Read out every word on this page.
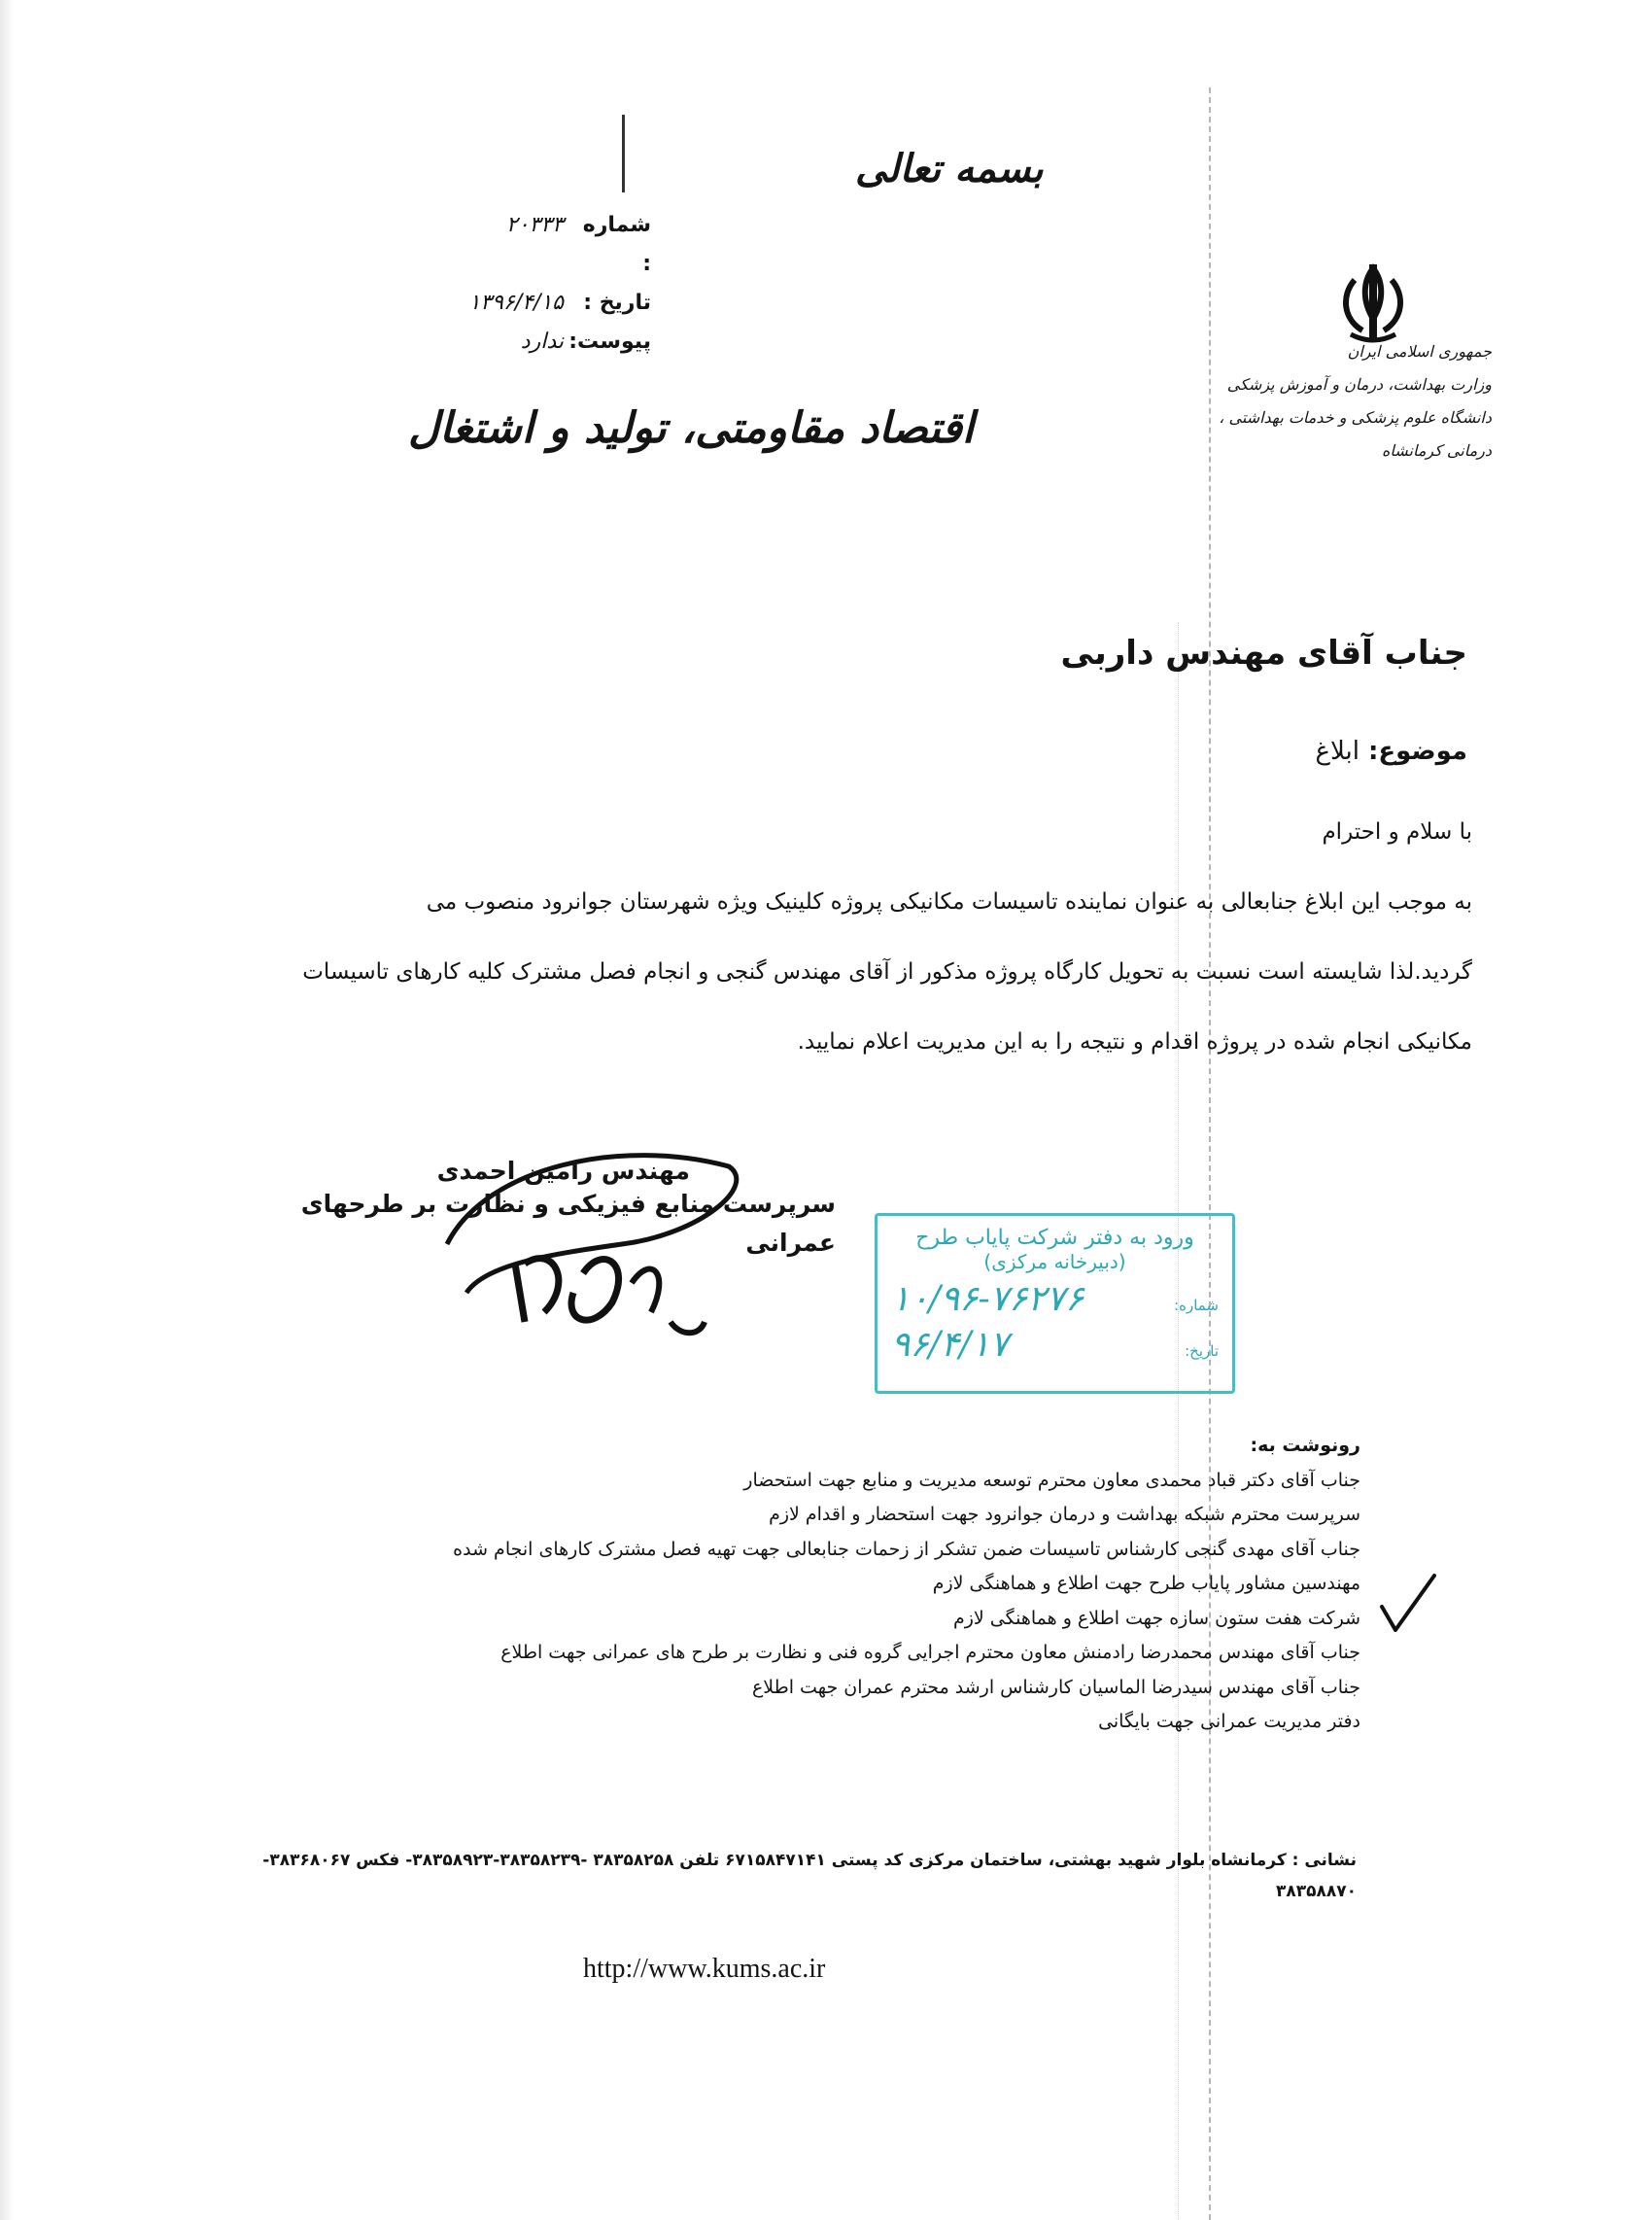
بسمه تعالی
شماره :
۲۰۳۳۳
تاریخ :
۱۳۹۶/۴/۱۵
پیوست:
ندارد	جمهوری اسلامی ایران
وزارت بهداشت، درمان و آموزش پزشکی
دانشگاه علوم پزشکی و خدمات بهداشتی ، درمانی کرمانشاه
اقتصاد مقاومتی، تولید و اشتغال
جناب آقای مهندس داربی
موضوع: ابلاغ
با سلام و احترام
به موجب این ابلاغ جنابعالی به عنوان نماینده تاسیسات مکانیکی پروژه کلینیک ویژه شهرستان جوانرود منصوب می
گردید.لذا شایسته است نسبت به تحویل کارگاه پروژه مذکور از آقای مهندس گنجی و انجام فصل مشترک کلیه کارهای تاسیسات
مکانیکی انجام شده در پروژه اقدام و نتیجه را به این مدیریت اعلام نمایید.
مهندس رامین احمدی
سرپرست منابع فیزیکی و نظارت بر طرحهای عمرانی	ورود به دفتر شرکت پایاب طرح
(دبیرخانه مرکزی)
شماره:
۱۰/۹۶-۷۶۲۷۶
تاریخ:
۹۶/۴/۱۷
رونوشت به:
جناب آقای دکتر قباد محمدی معاون محترم توسعه مدیریت و منابع جهت استحضار
سرپرست محترم شبکه بهداشت و درمان جوانرود جهت استحضار و اقدام لازم
جناب آقای مهدی گنجی کارشناس تاسیسات ضمن تشکر از زحمات جنابعالی جهت تهیه فصل مشترک کارهای انجام شده
مهندسین مشاور پایاب طرح جهت اطلاع و هماهنگی لازم
شرکت هفت ستون سازه جهت اطلاع و هماهنگی لازم
جناب آقای مهندس محمدرضا رادمنش معاون محترم اجرایی گروه فنی و نظارت بر طرح های عمرانی جهت اطلاع
جناب آقای مهندس سیدرضا الماسیان کارشناس ارشد محترم عمران جهت اطلاع
دفتر مدیریت عمرانی جهت بایگانی
نشانی : کرمانشاه بلوار شهید بهشتی، ساختمان مرکزی کد پستی ۶۷۱۵۸۴۷۱۴۱ تلفن ۳۸۳۵۸۲۵۸ -۳۸۳۵۸۲۳۹-۳۸۳۵۸۹۲۳- فکس ۳۸۳۶۸۰۶۷-
۳۸۳۵۸۸۷۰
http://www.kums.ac.ir
